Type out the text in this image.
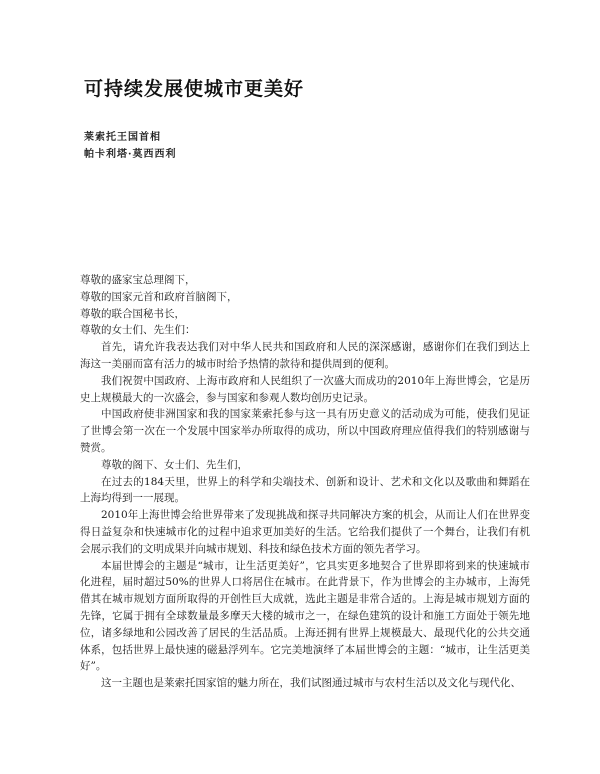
可持续发展使城市更美好
莱索托王国首相
帕卡利塔·莫西西利

尊敬的盛家宝总理阁下，

尊敬的国家元首和政府首脑阁下，

尊敬的联合国秘书长，

尊敬的女士们、先生们：

首先，请允许我表达我们对中华人民共和国政府和人民的深深感谢，感谢你们在我们到达上海这一美丽而富有活力的城市时给予热情的款待和提供周到的便利。

我们祝贺中国政府、上海市政府和人民组织了一次盛大而成功的2010年上海世博会，它是历史上规模最大的一次盛会，参与国家和参观人数均创历史记录。

中国政府使非洲国家和我的国家莱索托参与这一具有历史意义的活动成为可能，使我们见证了世博会第一次在一个发展中国家举办所取得的成功，所以中国政府理应值得我们的特别感谢与赞赏。

尊敬的阁下、女士们、先生们，

在过去的184天里，世界上的科学和尖端技术、创新和设计、艺术和文化以及歌曲和舞蹈在上海均得到一一展现。

2010年上海世博会给世界带来了发现挑战和探寻共同解决方案的机会，从而让人们在世界变得日益复杂和快速城市化的过程中追求更加美好的生活。它给我们提供了一个舞台，让我们有机会展示我们的文明成果并向城市规划、科技和绿色技术方面的领先者学习。

本届世博会的主题是“城市，让生活更美好”，它具实更多地契合了世界即将到来的快速城市化进程，届时超过50%的世界人口将居住在城市。在此背景下，作为世博会的主办城市，上海凭借其在城市规划方面所取得的开创性巨大成就，选此主题是非常合适的。上海是城市规划方面的先锋，它属于拥有全球数量最多摩天大楼的城市之一，在绿色建筑的设计和施工方面处于领先地位，诸多绿地和公园改善了居民的生活品质。上海还拥有世界上规模最大、最现代化的公共交通体系，包括世界上最快速的磁悬浮列车。它完美地演绎了本届世博会的主题：“城市，让生活更美好”。

这一主题也是莱索托国家馆的魅力所在，我们试图通过城市与农村生活以及文化与现代化、
